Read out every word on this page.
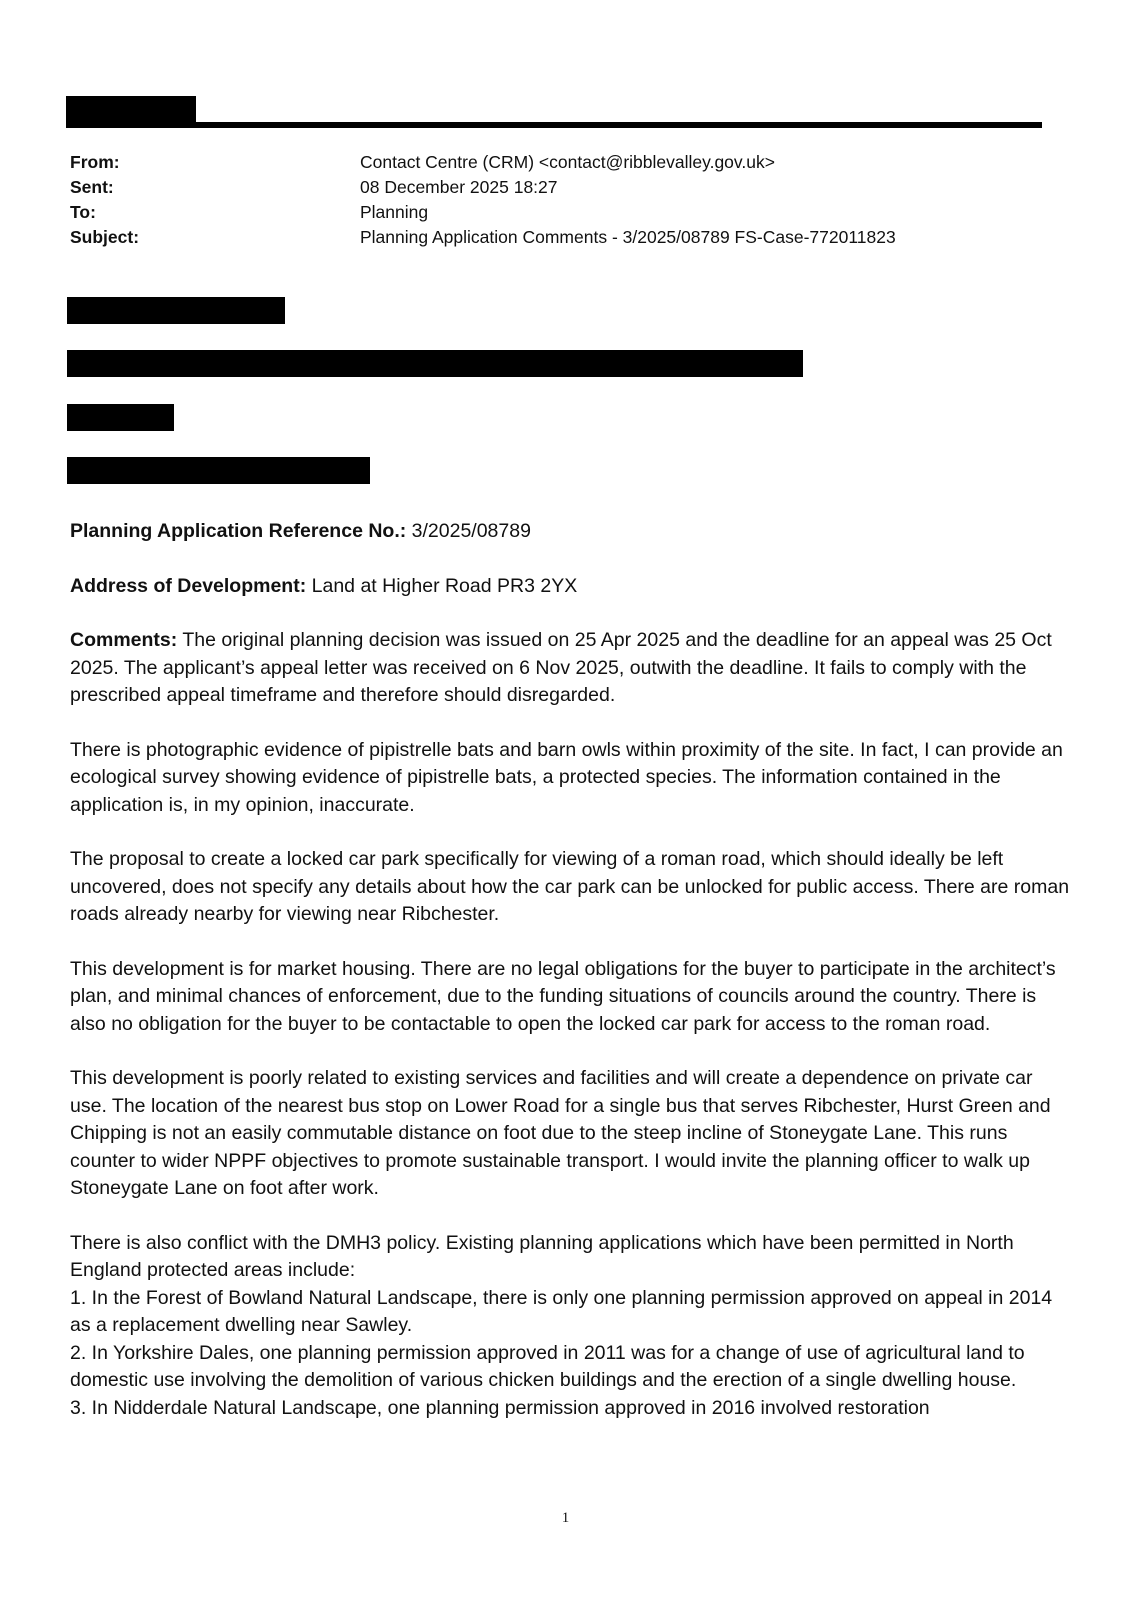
From:	Contact Centre (CRM) <contact@ribblevalley.gov.uk>
Sent:	08 December 2025 18:27
To:	Planning
Subject:	Planning Application Comments - 3/2025/08789 FS-Case-772011823

Planning Application Reference No.: 3/2025/08789

Address of Development: Land at Higher Road PR3 2YX

Comments: The original planning decision was issued on 25 Apr 2025 and the deadline for an appeal was 25 Oct 2025. The applicant’s appeal letter was received on 6 Nov 2025, outwith the deadline. It fails to comply with the prescribed appeal timeframe and therefore should disregarded.

There is photographic evidence of pipistrelle bats and barn owls within proximity of the site. In fact, I can provide an ecological survey showing evidence of pipistrelle bats, a protected species. The information contained in the application is, in my opinion, inaccurate.

The proposal to create a locked car park specifically for viewing of a roman road, which should ideally be left uncovered, does not specify any details about how the car park can be unlocked for public access. There are roman roads already nearby for viewing near Ribchester.

This development is for market housing. There are no legal obligations for the buyer to participate in the architect’s plan, and minimal chances of enforcement, due to the funding situations of councils around the country. There is also no obligation for the buyer to be contactable to open the locked car park for access to the roman road.

This development is poorly related to existing services and facilities and will create a dependence on private car use. The location of the nearest bus stop on Lower Road for a single bus that serves Ribchester, Hurst Green and Chipping is not an easily commutable distance on foot due to the steep incline of Stoneygate Lane. This runs counter to wider NPPF objectives to promote sustainable transport. I would invite the planning officer to walk up Stoneygate Lane on foot after work.

There is also conflict with the DMH3 policy. Existing planning applications which have been permitted in North England protected areas include:

1. In the Forest of Bowland Natural Landscape, there is only one planning permission approved on appeal in 2014 as a replacement dwelling near Sawley.

2. In Yorkshire Dales, one planning permission approved in 2011 was for a change of use of agricultural land to domestic use involving the demolition of various chicken buildings and the erection of a single dwelling house.

3. In Nidderdale Natural Landscape, one planning permission approved in 2016 involved restoration

1
